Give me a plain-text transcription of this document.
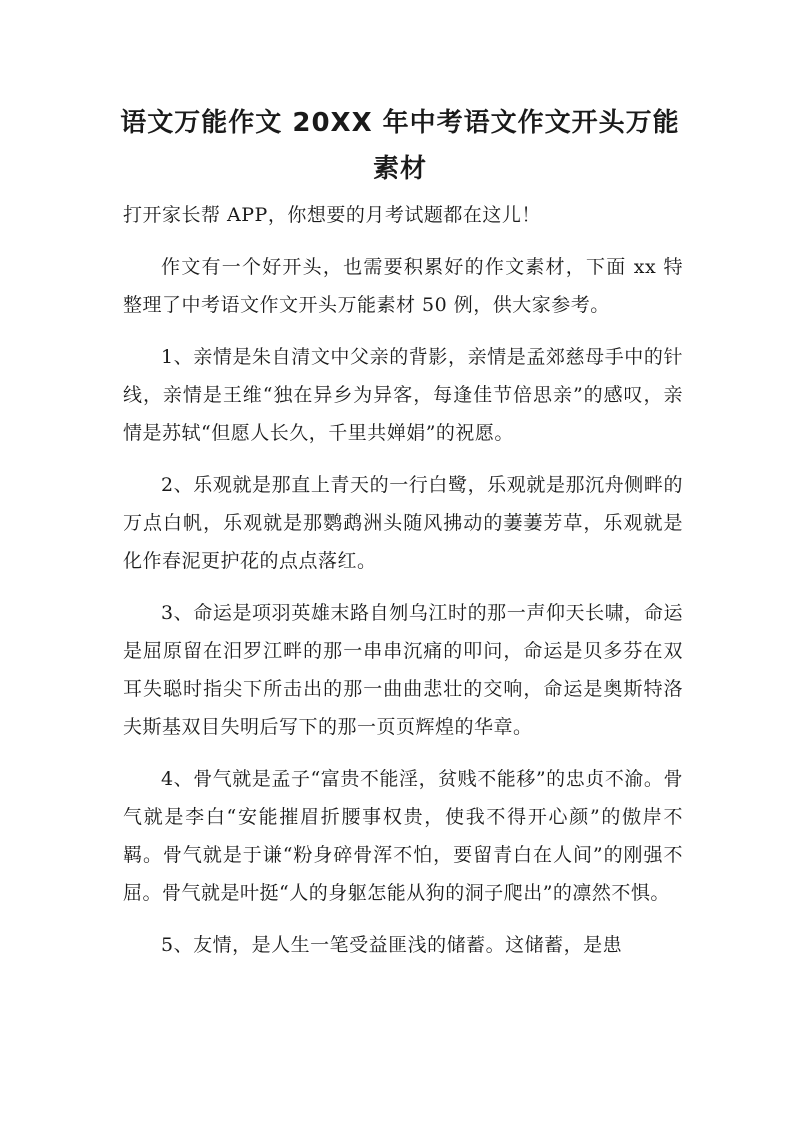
语文万能作文 20XX 年中考语文作文开头万能素材

打开家长帮 APP，你想要的月考试题都在这儿！

作文有一个好开头，也需要积累好的作文素材，下面 xx 特整理了中考语文作文开头万能素材 50 例，供大家参考。

1、亲情是朱自清文中父亲的背影，亲情是孟郊慈母手中的针线，亲情是王维“独在异乡为异客，每逢佳节倍思亲”的感叹，亲情是苏轼“但愿人长久，千里共婵娟”的祝愿。

2、乐观就是那直上青天的一行白鹭，乐观就是那沉舟侧畔的万点白帆，乐观就是那鹦鹉洲头随风拂动的萋萋芳草，乐观就是化作春泥更护花的点点落红。

3、命运是项羽英雄末路自刎乌江时的那一声仰天长啸，命运是屈原留在汨罗江畔的那一串串沉痛的叩问，命运是贝多芬在双耳失聪时指尖下所击出的那一曲曲悲壮的交响，命运是奥斯特洛夫斯基双目失明后写下的那一页页辉煌的华章。

4、骨气就是孟子“富贵不能淫，贫贱不能移”的忠贞不渝。骨气就是李白“安能摧眉折腰事权贵，使我不得开心颜”的傲岸不羁。骨气就是于谦“粉身碎骨浑不怕，要留青白在人间”的刚强不屈。骨气就是叶挺“人的身躯怎能从狗的洞子爬出”的凛然不惧。

5、友情，是人生一笔受益匪浅的储蓄。这储蓄，是患
